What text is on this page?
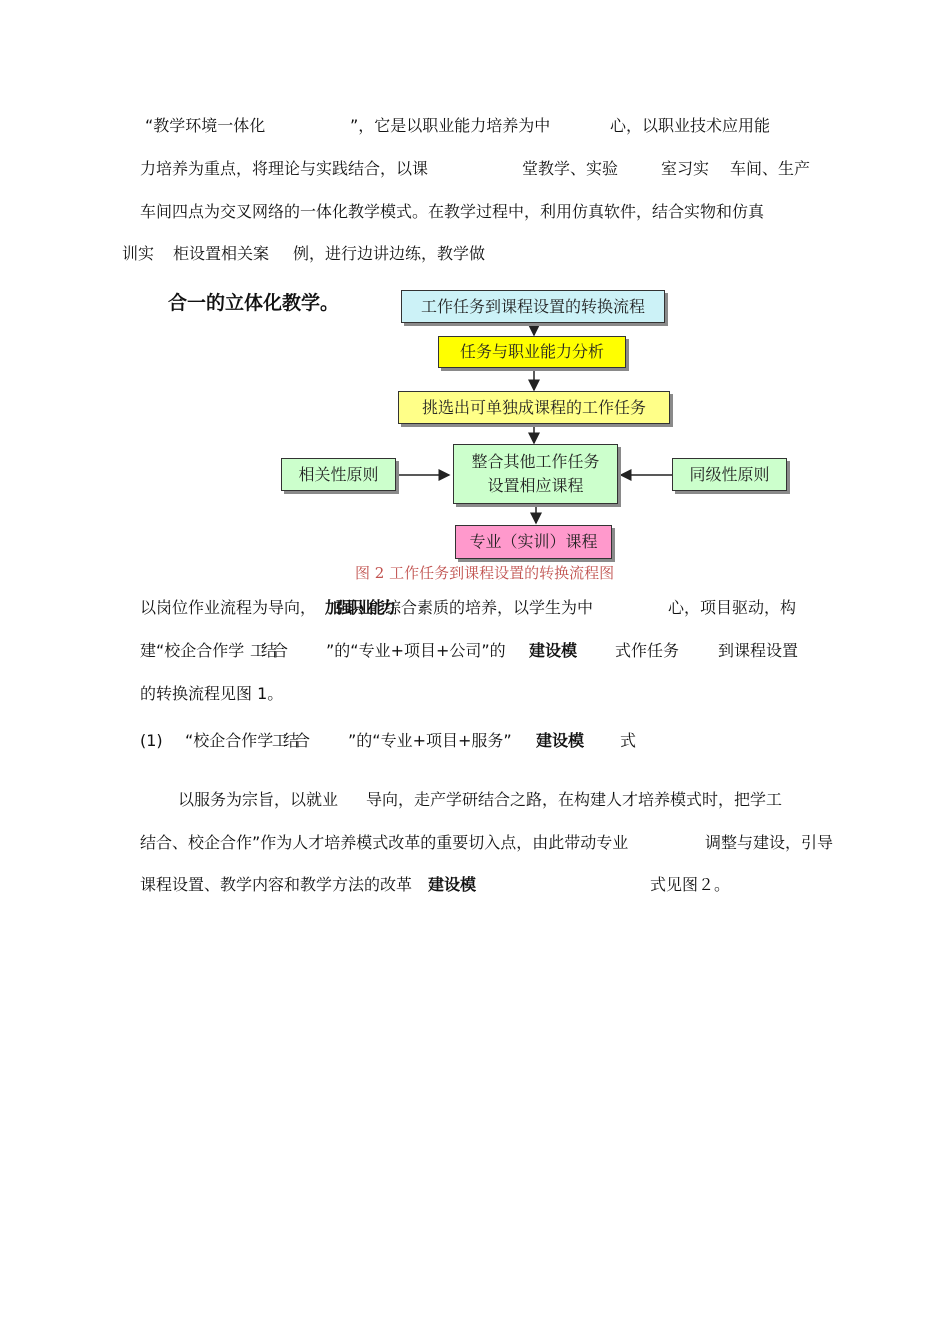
“教学环境一体化	”，它是以职业能力培养为中	心，以职业技术应用能
力培养为重点，将理论与实践结合，以课	堂教学、实验	室习实 车间、生产
车间四点为交叉网络的一体化教学模式。在教学过程中，利用仿真软件，结合实物和仿真
训实 柜设置相关案 例，进行边讲边练，教学做
合一的立体化教学。	工作任务到课程设置的转换流程
任务与职业能力分析
挑选出可单独成课程的工作任务
整合其他工作任务
设置相应课程
相关性原则	同级性原则
专业（实训）课程
图 2 工作任务到课程设置的转换流程图
以岗位作业流程为导向， 加强职业能力
综合素质的培养，以学生为中	心，项目驱动，构
建“校企合作学 工结合	”的“专业+项目+公司”的 建设模 式作任务 到课程设置
的转换流程见图 1。
(1) “校企合作学
工结合	”的“专业+项目+服务” 建设模 式
以服务为宗旨，以就业 导向，走产学研结合之路，在构建人才培养模式时，把学工
结合、校企合作”作为人才培养模式改革的重要切入点，由此带动专业	调整与建设，引导
课程设置、教学内容和教学方法的改革 建设模	式见图２。
